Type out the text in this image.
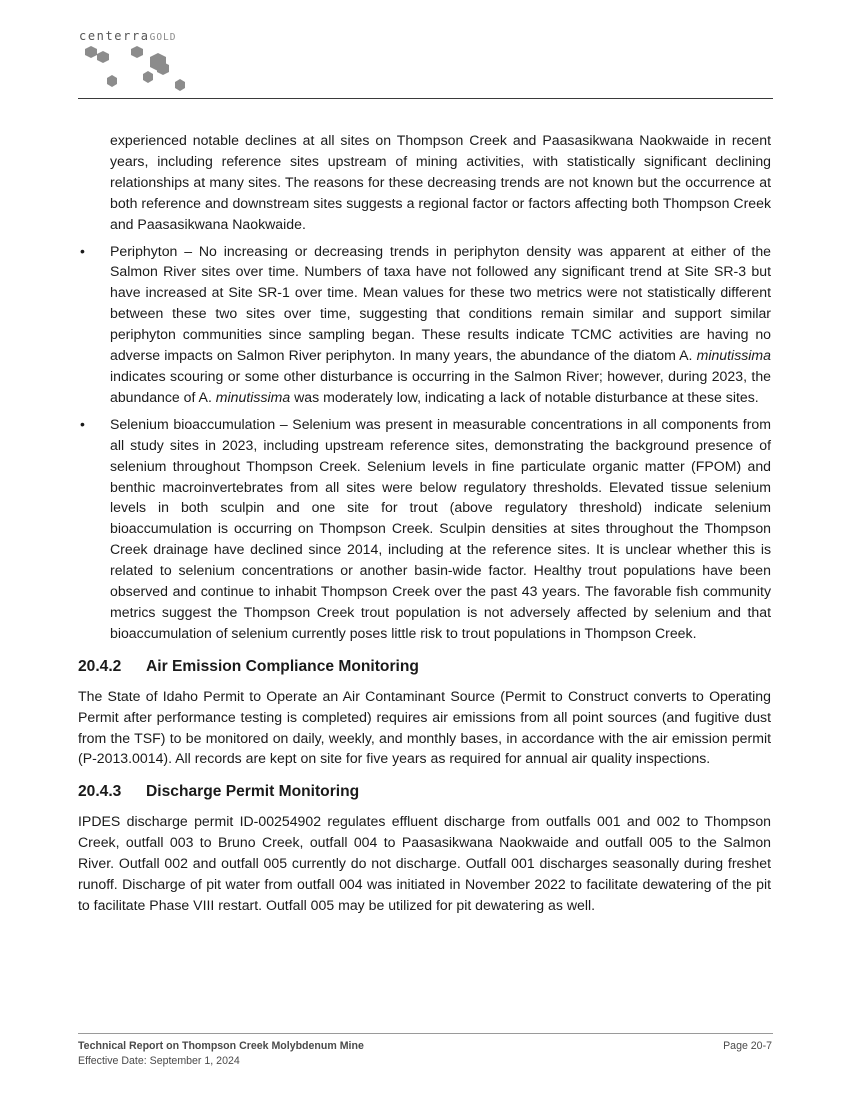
centerraGOLD

experienced notable declines at all sites on Thompson Creek and Paasasikwana Naokwaide in recent years, including reference sites upstream of mining activities, with statistically significant declining relationships at many sites. The reasons for these decreasing trends are not known but the occurrence at both reference and downstream sites suggests a regional factor or factors affecting both Thompson Creek and Paasasikwana Naokwaide.

• Periphyton – No increasing or decreasing trends in periphyton density was apparent at either of the Salmon River sites over time. Numbers of taxa have not followed any significant trend at Site SR-3 but have increased at Site SR-1 over time. Mean values for these two metrics were not statistically different between these two sites over time, suggesting that conditions remain similar and support similar periphyton communities since sampling began. These results indicate TCMC activities are having no adverse impacts on Salmon River periphyton. In many years, the abundance of the diatom A. minutissima indicates scouring or some other disturbance is occurring in the Salmon River; however, during 2023, the abundance of A. minutissima was moderately low, indicating a lack of notable disturbance at these sites.

• Selenium bioaccumulation – Selenium was present in measurable concentrations in all components from all study sites in 2023, including upstream reference sites, demonstrating the background presence of selenium throughout Thompson Creek. Selenium levels in fine particulate organic matter (FPOM) and benthic macroinvertebrates from all sites were below regulatory thresholds. Elevated tissue selenium levels in both sculpin and one site for trout (above regulatory threshold) indicate selenium bioaccumulation is occurring on Thompson Creek. Sculpin densities at sites throughout the Thompson Creek drainage have declined since 2014, including at the reference sites. It is unclear whether this is related to selenium concentrations or another basin-wide factor. Healthy trout populations have been observed and continue to inhabit Thompson Creek over the past 43 years. The favorable fish community metrics suggest the Thompson Creek trout population is not adversely affected by selenium and that bioaccumulation of selenium currently poses little risk to trout populations in Thompson Creek.

20.4.2 Air Emission Compliance Monitoring

The State of Idaho Permit to Operate an Air Contaminant Source (Permit to Construct converts to Operating Permit after performance testing is completed) requires air emissions from all point sources (and fugitive dust from the TSF) to be monitored on daily, weekly, and monthly bases, in accordance with the air emission permit (P-2013.0014). All records are kept on site for five years as required for annual air quality inspections.

20.4.3 Discharge Permit Monitoring

IPDES discharge permit ID-00254902 regulates effluent discharge from outfalls 001 and 002 to Thompson Creek, outfall 003 to Bruno Creek, outfall 004 to Paasasikwana Naokwaide and outfall 005 to the Salmon River. Outfall 002 and outfall 005 currently do not discharge. Outfall 001 discharges seasonally during freshet runoff. Discharge of pit water from outfall 004 was initiated in November 2022 to facilitate dewatering of the pit to facilitate Phase VIII restart. Outfall 005 may be utilized for pit dewatering as well.

Technical Report on Thompson Creek Molybdenum Mine
Effective Date: September 1, 2024
Page 20-7
